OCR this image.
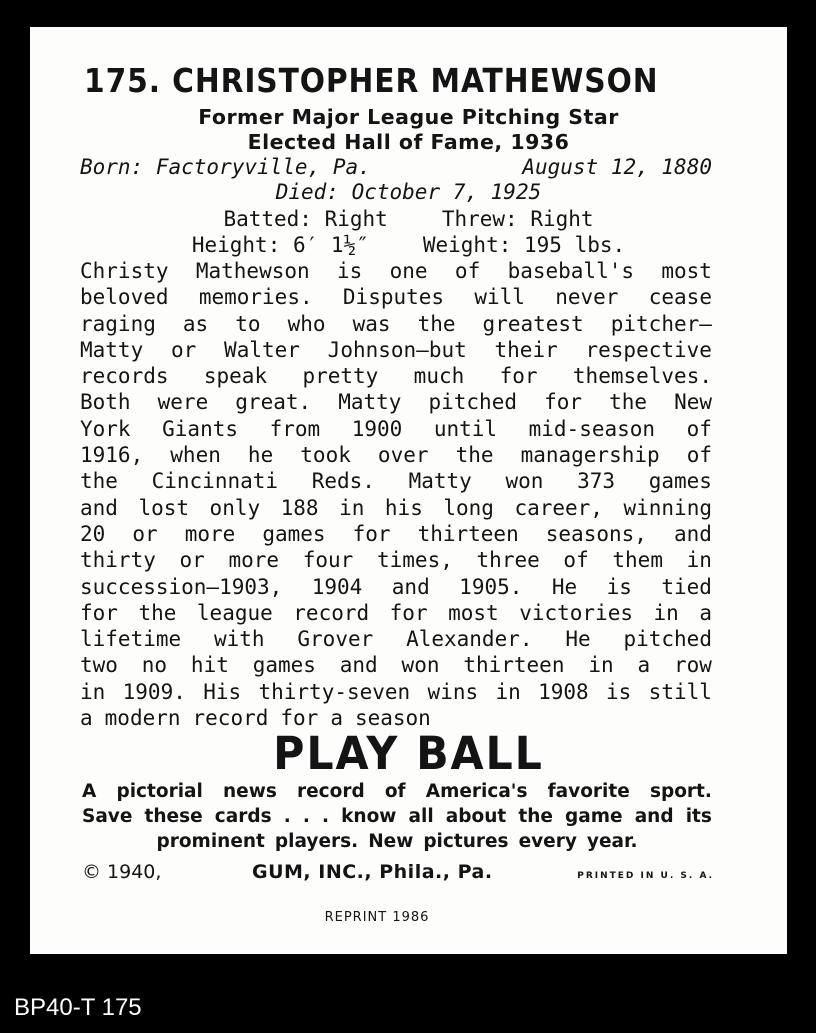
175. CHRISTOPHER MATHEWSON
Former Major League Pitching Star
Elected Hall of Fame, 1936
Born: Factoryville, Pa.	August 12, 1880
Died: October 7, 1925
Batted: Right	Threw: Right
Height: 6′ 1½″	Weight: 195 lbs.
Christy Mathewson is one of baseball's most
beloved memories. Disputes will never cease
raging as to who was the greatest pitcher—
Matty or Walter Johnson—but their respective
records speak pretty much for themselves.
Both were great. Matty pitched for the New
York Giants from 1900 until mid-season of
1916, when he took over the managership of
the Cincinnati Reds. Matty won 373 games
and lost only 188 in his long career, winning
20 or more games for thirteen seasons, and
thirty or more four times, three of them in
succession—1903, 1904 and 1905. He is tied
for the league record for most victories in a
lifetime with Grover Alexander. He pitched
two no hit games and won thirteen in a row
in 1909. His thirty-seven wins in 1908 is still
a modern record for a season
PLAY BALL
A pictorial news record of America's favorite sport.
Save these cards . . . know all about the game and its
prominent players. New pictures every year.
© 1940,	GUM, INC., Phila., Pa.	PRINTED IN U. S. A.
REPRINT 1986
BP40-T 175
